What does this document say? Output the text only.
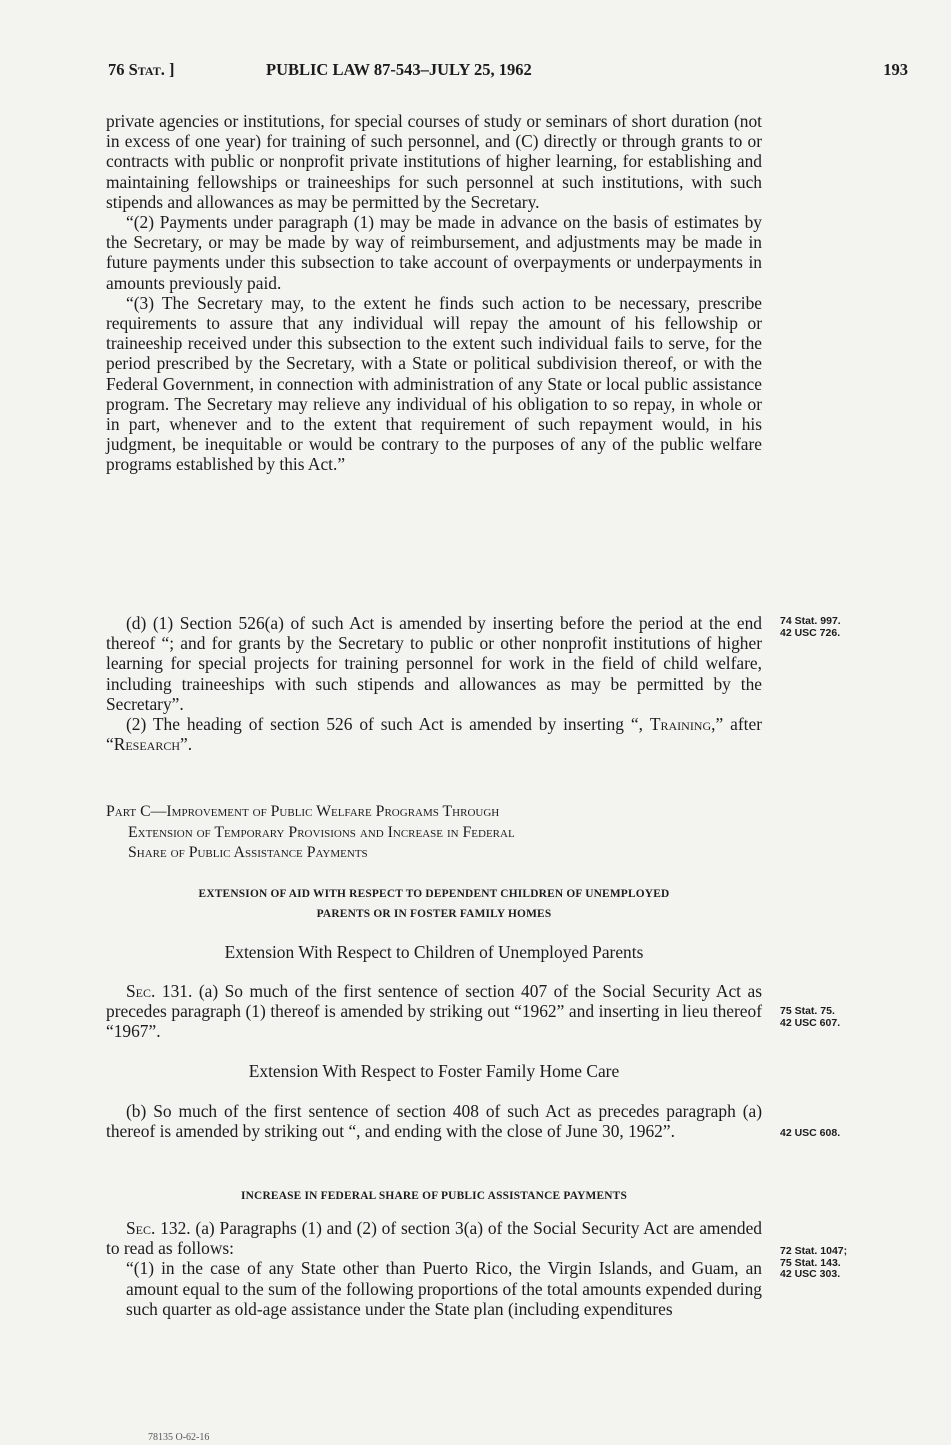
76 Stat. ]	PUBLIC LAW 87-543–JULY 25, 1962	193

private agencies or institutions, for special courses of study or seminars of short duration (not in excess of one year) for training of such personnel, and (C) directly or through grants to or contracts with public or nonprofit private institutions of higher learning, for establishing and maintaining fellowships or traineeships for such personnel at such institutions, with such stipends and allowances as may be permitted by the Secretary.

“(2) Payments under paragraph (1) may be made in advance on the basis of estimates by the Secretary, or may be made by way of reimbursement, and adjustments may be made in future payments under this subsection to take account of overpayments or underpayments in amounts previously paid.

“(3) The Secretary may, to the extent he finds such action to be necessary, prescribe requirements to assure that any individual will repay the amount of his fellowship or traineeship received under this subsection to the extent such individual fails to serve, for the period prescribed by the Secretary, with a State or political subdivision thereof, or with the Federal Government, in connection with administration of any State or local public assistance program. The Secretary may relieve any individual of his obligation to so repay, in whole or in part, whenever and to the extent that requirement of such repayment would, in his judgment, be inequitable or would be contrary to the purposes of any of the public welfare programs established by this Act.”

(d) (1) Section 526(a) of such Act is amended by inserting before the period at the end thereof “; and for grants by the Secretary to public or other nonprofit institutions of higher learning for special projects for training personnel for work in the field of child welfare, including traineeships with such stipends and allowances as may be permitted by the Secretary”.

(2) The heading of section 526 of such Act is amended by inserting “, Training,” after “Research”.

Part C—Improvement of Public Welfare Programs Through

Extension of Temporary Provisions and Increase in Federal
Share of Public Assistance Payments
EXTENSION OF AID WITH RESPECT TO DEPENDENT CHILDREN OF UNEMPLOYED
PARENTS OR IN FOSTER FAMILY HOMES
Extension With Respect to Children of Unemployed Parents

Sec. 131. (a) So much of the first sentence of section 407 of the Social Security Act as precedes paragraph (1) thereof is amended by striking out “1962” and inserting in lieu thereof “1967”.

Extension With Respect to Foster Family Home Care

(b) So much of the first sentence of section 408 of such Act as precedes paragraph (a) thereof is amended by striking out “, and ending with the close of June 30, 1962”.

INCREASE IN FEDERAL SHARE OF PUBLIC ASSISTANCE PAYMENTS

Sec. 132. (a) Paragraphs (1) and (2) of section 3(a) of the Social Security Act are amended to read as follows:

“(1) in the case of any State other than Puerto Rico, the Virgin Islands, and Guam, an amount equal to the sum of the following proportions of the total amounts expended during such quarter as old-age assistance under the State plan (including expenditures

74 Stat. 997.
42 USC 726.
75 Stat. 75.
42 USC 607.
42 USC 608.
72 Stat. 1047;
75 Stat. 143.
42 USC 303.
78135 O-62-16
